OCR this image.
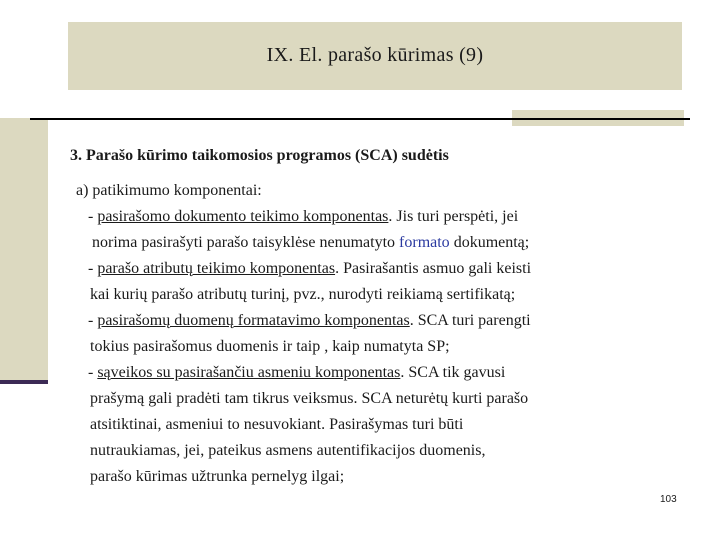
IX. El. parašo kūrimas (9)
3. Parašo kūrimo taikomosios programos (SCA) sudėtis
a) patikimumo komponentai:
- pasirašomo dokumento teikimo komponentas. Jis turi perspėti, jei
norima pasirašyti parašo taisyklėse nenumatyto formato dokumentą;
- parašo atributų teikimo komponentas. Pasirašantis asmuo gali keisti
kai kurių parašo atributų turinį, pvz., nurodyti reikiamą sertifikatą;
- pasirašomų duomenų formatavimo komponentas. SCA turi parengti
tokius pasirašomus duomenis ir taip , kaip numatyta SP;
- sąveikos su pasirašančiu asmeniu komponentas. SCA tik gavusi
prašymą gali pradėti tam tikrus veiksmus. SCA neturėtų kurti parašo
atsitiktinai, asmeniui to nesuvokiant. Pasirašymas turi būti
nutraukiamas, jei, pateikus asmens autentifikacijos duomenis,
parašo kūrimas užtrunka pernelyg ilgai;
103
